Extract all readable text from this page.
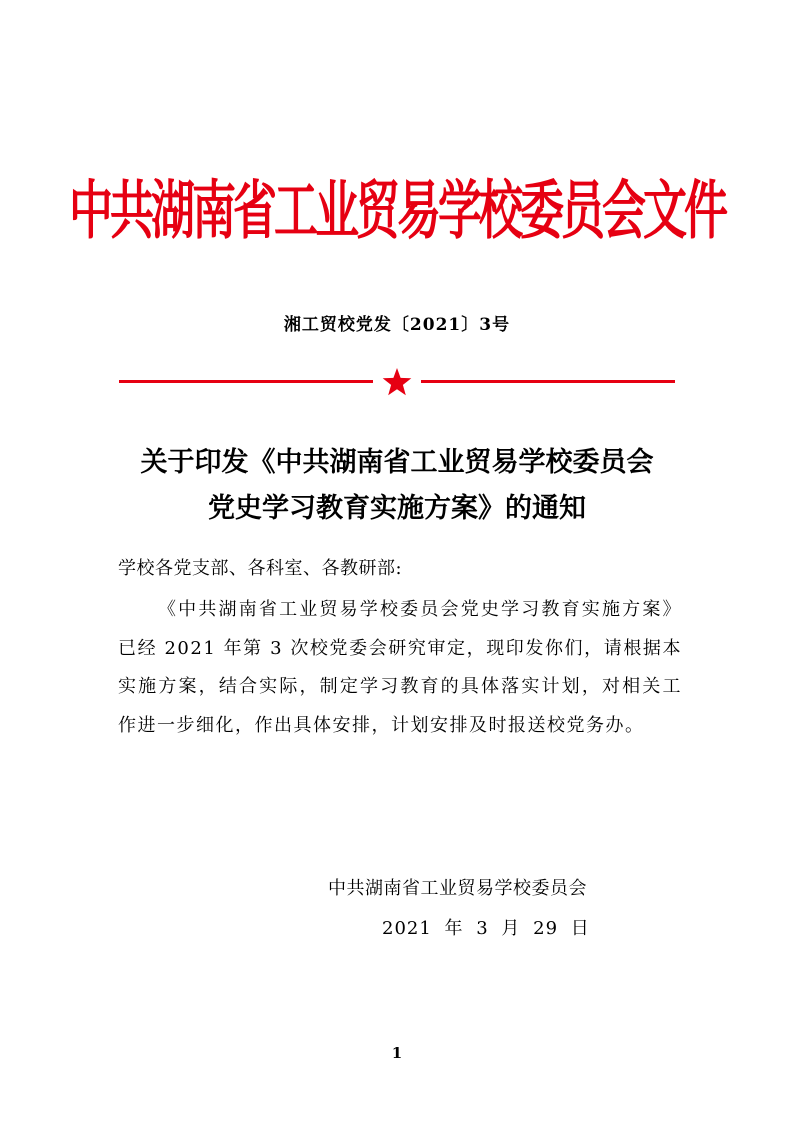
中共湖南省工业贸易学校委员会文件
湘工贸校党发〔2021〕3号
关于印发《中共湖南省工业贸易学校委员会
党史学习教育实施方案》的通知
学校各党支部、各科室、各教研部:
《中共湖南省工业贸易学校委员会党史学习教育实施方案》已经 2021 年第 3 次校党委会研究审定，现印发你们，请根据本实施方案，结合实际，制定学习教育的具体落实计划，对相关工作进一步细化，作出具体安排，计划安排及时报送校党务办。
中共湖南省工业贸易学校委员会
2021 年 3 月 29 日
1
